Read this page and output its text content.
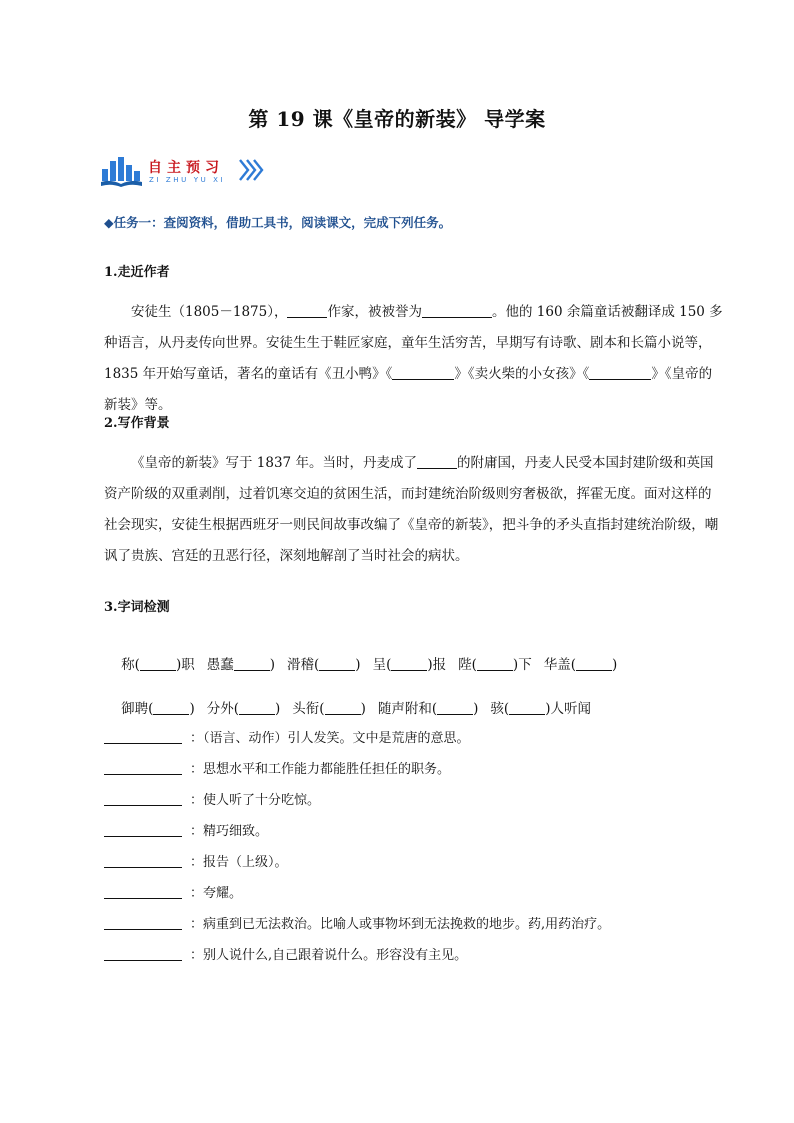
第 19 课《皇帝的新装》 导学案
自主预习
ZI ZHU YU XI
◆任务一：查阅资料，借助工具书，阅读课文，完成下列任务。
1.走近作者
安徒生（1805－1875），	作家，被被誉为	。他的 160 余篇童话被翻译成 150 多种语言，从丹麦传向世界。安徒生生于鞋匠家庭，童年生活穷苦，早期写有诗歌、剧本和长篇小说等，1835 年开始写童话，著名的童话有《丑小鸭》《	》《卖火柴的小女孩》《	》《皇帝的新装》等。
2.写作背景
《皇帝的新装》写于 1837 年。当时，丹麦成了	的附庸国，丹麦人民受本国封建阶级和英国资产阶级的双重剥削，过着饥寒交迫的贫困生活，而封建统治阶级则穷奢极欲，挥霍无度。面对这样的社会现实，安徒生根据西班牙一则民间故事改编了《皇帝的新装》，把斗争的矛头直指封建统治阶级，嘲讽了贵族、宫廷的丑恶行径，深刻地解剖了当时社会的病状。
3.字词检测

称(	)职 愚蠢	) 滑稽(	) 呈(	)报 陛(	)下 华盖(	)

御聘(	) 分外(	) 头衔(	) 随声附和(	) 骇(	)人听闻

：（语言、动作）引人发笑。文中是荒唐的意思。
：思想水平和工作能力都能胜任担任的职务。
：使人听了十分吃惊。
：精巧细致。
：报告（上级）。
：夸耀。
：病重到已无法救治。比喻人或事物坏到无法挽救的地步。药,用药治疗。
：别人说什么,自己跟着说什么。形容没有主见。
